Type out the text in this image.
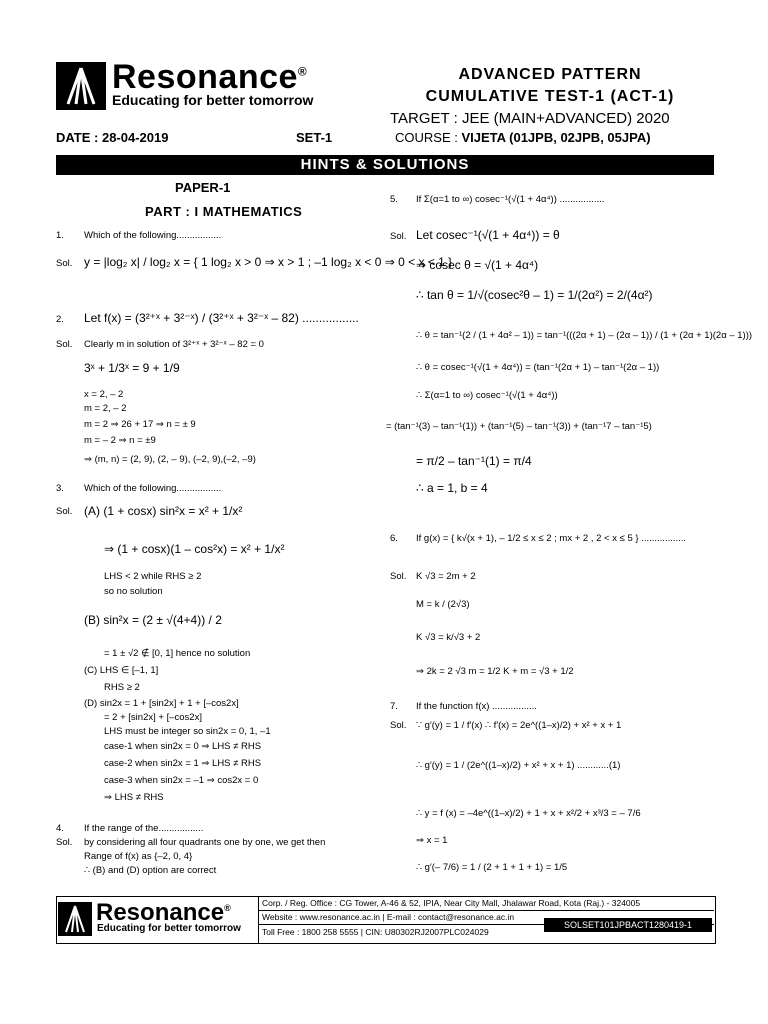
Resonance®
Educating for better tomorrow
ADVANCED PATTERN
CUMULATIVE TEST-1 (ACT-1)
TARGET : JEE (MAIN+ADVANCED) 2020
DATE : 28-04-2019	SET-1	COURSE : VIJETA (01JPB, 02JPB, 05JPA)
HINTS & SOLUTIONS
PAPER-1
PART : I MATHEMATICS
1. Which of the following.................
Sol. y = |log₂ x| / log₂ x = { 1 log₂ x > 0 ⇒ x > 1 ; –1 log₂ x < 0 ⇒ 0 < x < 1 }
2. Let f(x) = (3²⁺ˣ + 3²⁻ˣ) / (3²⁺ˣ + 3²⁻ˣ – 82) .................
Sol. Clearly m in solution of 3²⁺ˣ + 3²⁻ˣ – 82 = 0
3ˣ + 1/3ˣ = 9 + 1/9
x = 2, – 2
m = 2, – 2
m = 2 ⇒ 26 + 17 ⇒ n = ± 9
m = – 2 ⇒ n = ±9
⇒ (m, n) = (2, 9), (2, – 9), (–2, 9),(–2, –9)
3. Which of the following.................
Sol. (A) (1 + cosx) sin²x = x² + 1/x²
⇒ (1 + cosx)(1 – cos²x) = x² + 1/x²
LHS < 2 while RHS ≥ 2
so no solution
(B) sin²x = (2 ± √(4+4)) / 2
= 1 ± √2 ∉ [0, 1] hence no solution
(C) LHS ∈ [–1, 1]
RHS ≥ 2
(D) sin2x = 1 + [sin2x] + 1 + [–cos2x]
= 2 + [sin2x] + [–cos2x]
LHS must be integer so sin2x = 0, 1, –1
case-1 when sin2x = 0 ⇒ LHS ≠ RHS
case-2 when sin2x = 1 ⇒ LHS ≠ RHS
case-3 when sin2x = –1 ⇒ cos2x = 0
⇒ LHS ≠ RHS
4. If the range of the.................
Sol. by considering all four quadrants one by one, we get then
Range of f(x) as {–2, 0, 4}
∴ (B) and (D) option are correct
5. If Σ(α=1 to ∞) cosec⁻¹(√(1 + 4α⁴)) .................
Sol. Let cosec⁻¹(√(1 + 4α⁴)) = θ
⇒ cosec θ = √(1 + 4α⁴)
∴ tan θ = 1/√(cosec²θ – 1) = 1/(2α²) = 2/(4α²)
∴ θ = tan⁻¹(2 / (1 + 4α² – 1)) = tan⁻¹(((2α + 1) – (2α – 1)) / (1 + (2α + 1)(2α – 1)))
∴ θ = cosec⁻¹(√(1 + 4α⁴)) = (tan⁻¹(2α + 1) – tan⁻¹(2α – 1))
∴ Σ(α=1 to ∞) cosec⁻¹(√(1 + 4α⁴))
= (tan⁻¹(3) – tan⁻¹(1)) + (tan⁻¹(5) – tan⁻¹(3)) + (tan⁻¹7 – tan⁻¹5)
= π/2 – tan⁻¹(1) = π/4
∴ a = 1, b = 4
6. If g(x) = { k√(x + 1), – 1/2 ≤ x ≤ 2 ; mx + 2 , 2 < x ≤ 5 } .................
Sol. K √3 = 2m + 2
M = k / (2√3)
K √3 = k/√3 + 2
⇒ 2k = 2 √3 m = 1/2 K + m = √3 + 1/2
7. If the function f(x) .................
Sol. ∵ g′(y) = 1 / f′(x) ∴ f′(x) = 2e^((1–x)/2) + x² + x + 1
∴ g′(y) = 1 / (2e^((1–x)/2) + x² + x + 1) ............(1)
∴ y = f (x) = –4e^((1–x)/2) + 1 + x + x²/2 + x³/3 = – 7/6
⇒ x = 1
∴ g′(– 7/6) = 1 / (2 + 1 + 1 + 1) = 1/5
Resonance®
Educating for better tomorrow
Corp. / Reg. Office : CG Tower, A-46 & 52, IPIA, Near City Mall, Jhalawar Road, Kota (Raj.) - 324005
Website : www.resonance.ac.in | E-mail : contact@resonance.ac.in
Toll Free : 1800 258 5555 | CIN: U80302RJ2007PLC024029
SOLSET101JPBACT1280419-1
